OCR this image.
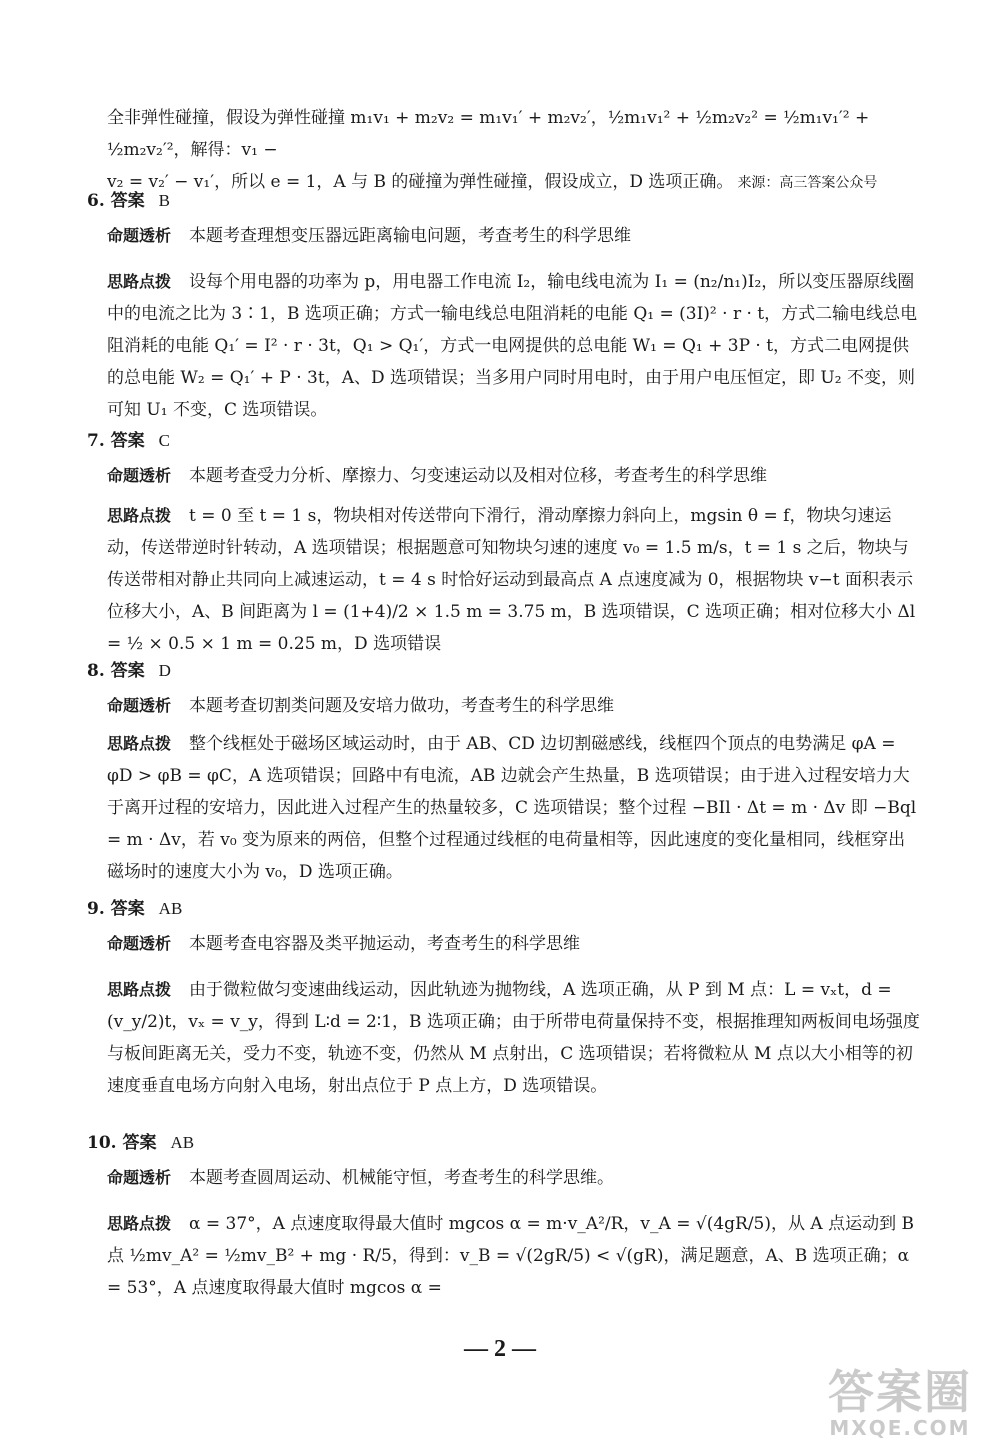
全非弹性碰撞，假设为弹性碰撞 m₁v₁ + m₂v₂ = m₁v₁′ + m₂v₂′，½m₁v₁² + ½m₂v₂² = ½m₁v₁′² + ½m₂v₂′²，解得：v₁ −
v₂ = v₂′ − v₁′，所以 e = 1，A 与 B 的碰撞为弹性碰撞，假设成立，D 选项正确。 来源：高三答案公众号
6. 答案 B
命题透析 本题考查理想变压器远距离输电问题，考查考生的科学思维
思路点拨 设每个用电器的功率为 p，用电器工作电流 I₂，输电线电流为 I₁ = (n₂/n₁)I₂，所以变压器原线圈中的电流之比为 3∶1，B 选项正确；方式一输电线总电阻消耗的电能 Q₁ = (3I)² · r · t，方式二输电线总电阻消耗的电能 Q₁′ = I² · r · 3t，Q₁ > Q₁′，方式一电网提供的总电能 W₁ = Q₁ + 3P · t，方式二电网提供的总电能 W₂ = Q₁′ + P · 3t，A、D 选项错误；当多用户同时用电时，由于用户电压恒定，即 U₂ 不变，则可知 U₁ 不变，C 选项错误。
7. 答案 C
命题透析 本题考查受力分析、摩擦力、匀变速运动以及相对位移，考查考生的科学思维
思路点拨 t = 0 至 t = 1 s，物块相对传送带向下滑行，滑动摩擦力斜向上，mgsin θ = f，物块匀速运动，传送带逆时针转动，A 选项错误；根据题意可知物块匀速的速度 v₀ = 1.5 m/s，t = 1 s 之后，物块与传送带相对静止共同向上减速运动，t = 4 s 时恰好运动到最高点 A 点速度减为 0，根据物块 v−t 面积表示位移大小，A、B 间距离为 l = (1+4)/2 × 1.5 m = 3.75 m，B 选项错误，C 选项正确；相对位移大小 Δl = ½ × 0.5 × 1 m = 0.25 m，D 选项错误
8. 答案 D
命题透析 本题考查切割类问题及安培力做功，考查考生的科学思维
思路点拨 整个线框处于磁场区域运动时，由于 AB、CD 边切割磁感线，线框四个顶点的电势满足 φA = φD > φB = φC，A 选项错误；回路中有电流，AB 边就会产生热量，B 选项错误；由于进入过程安培力大于离开过程的安培力，因此进入过程产生的热量较多，C 选项错误；整个过程 −BIl · Δt = m · Δv 即 −Bql = m · Δv，若 v₀ 变为原来的两倍，但整个过程通过线框的电荷量相等，因此速度的变化量相同，线框穿出磁场时的速度大小为 v₀，D 选项正确。
9. 答案 AB
命题透析 本题考查电容器及类平抛运动，考查考生的科学思维
思路点拨 由于微粒做匀变速曲线运动，因此轨迹为抛物线，A 选项正确，从 P 到 M 点：L = vₓt，d = (v_y/2)t，vₓ = v_y，得到 L∶d = 2∶1，B 选项正确；由于所带电荷量保持不变，根据推理知两板间电场强度与板间距离无关，受力不变，轨迹不变，仍然从 M 点射出，C 选项错误；若将微粒从 M 点以大小相等的初速度垂直电场方向射入电场，射出点位于 P 点上方，D 选项错误。
10. 答案 AB
命题透析 本题考查圆周运动、机械能守恒，考查考生的科学思维。
思路点拨 α = 37°，A 点速度取得最大值时 mgcos α = m·v_A²/R，v_A = √(4gR/5)，从 A 点运动到 B 点 ½mv_A² = ½mv_B² + mg · R/5，得到：v_B = √(2gR/5) < √(gR)，满足题意，A、B 选项正确；α = 53°，A 点速度取得最大值时 mgcos α =
— 2 —
答案圈
MXQE.COM
